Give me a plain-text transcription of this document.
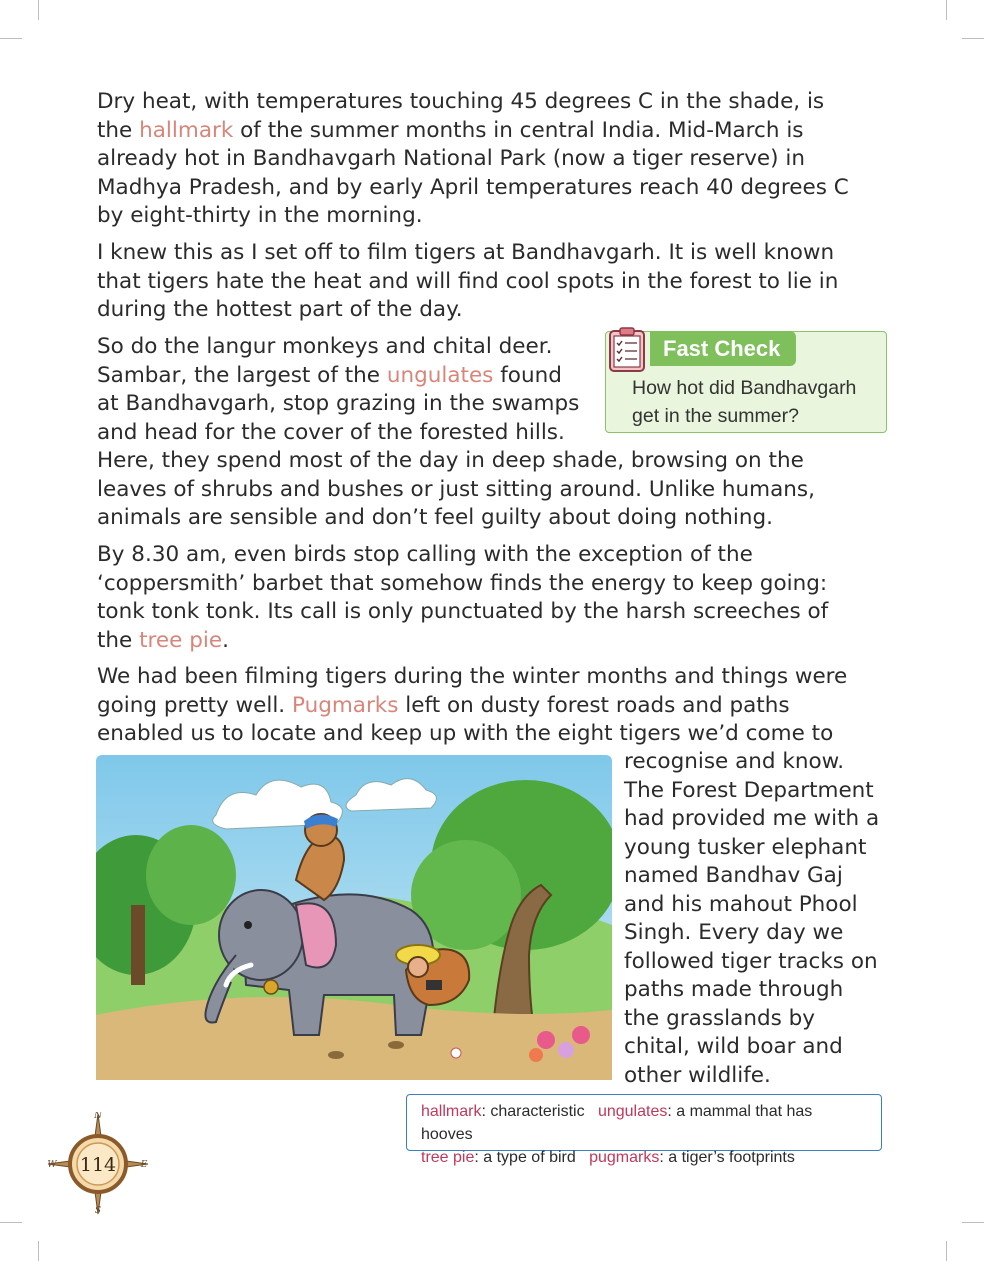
Dry heat, with temperatures touching 45 degrees C in the shade, is
the hallmark of the summer months in central India. Mid-March is
already hot in Bandhavgarh National Park (now a tiger reserve) in
Madhya Pradesh, and by early April temperatures reach 40 degrees C
by eight-thirty in the morning.
I knew this as I set off to film tigers at Bandhavgarh. It is well known
that tigers hate the heat and will find cool spots in the forest to lie in
during the hottest part of the day.
So do the langur monkeys and chital deer.
Sambar, the largest of the ungulates found
at Bandhavgarh, stop grazing in the swamps
and head for the cover of the forested hills.
Here, they spend most of the day in deep shade, browsing on the
leaves of shrubs and bushes or just sitting around. Unlike humans,
animals are sensible and don’t feel guilty about doing nothing.
Fast Check
How hot did Bandhavgarh
get in the summer?
By 8.30 am, even birds stop calling with the exception of the
‘coppersmith’ barbet that somehow finds the energy to keep going:
tonk tonk tonk. Its call is only punctuated by the harsh screeches of
the tree pie.
We had been filming tigers during the winter months and things were
going pretty well. Pugmarks left on dusty forest roads and paths
enabled us to locate and keep up with the eight tigers we’d come to
recognise and know.
The Forest Department
had provided me with a
young tusker elephant
named Bandhav Gaj
and his mahout Phool
Singh. Every day we
followed tiger tracks on
paths made through
the grasslands by
chital, wild boar and
other wildlife.
hallmark: characteristic ungulates: a mammal that has hooves
tree pie: a type of bird pugmarks: a tiger’s footprints
N
S
E
W 114
